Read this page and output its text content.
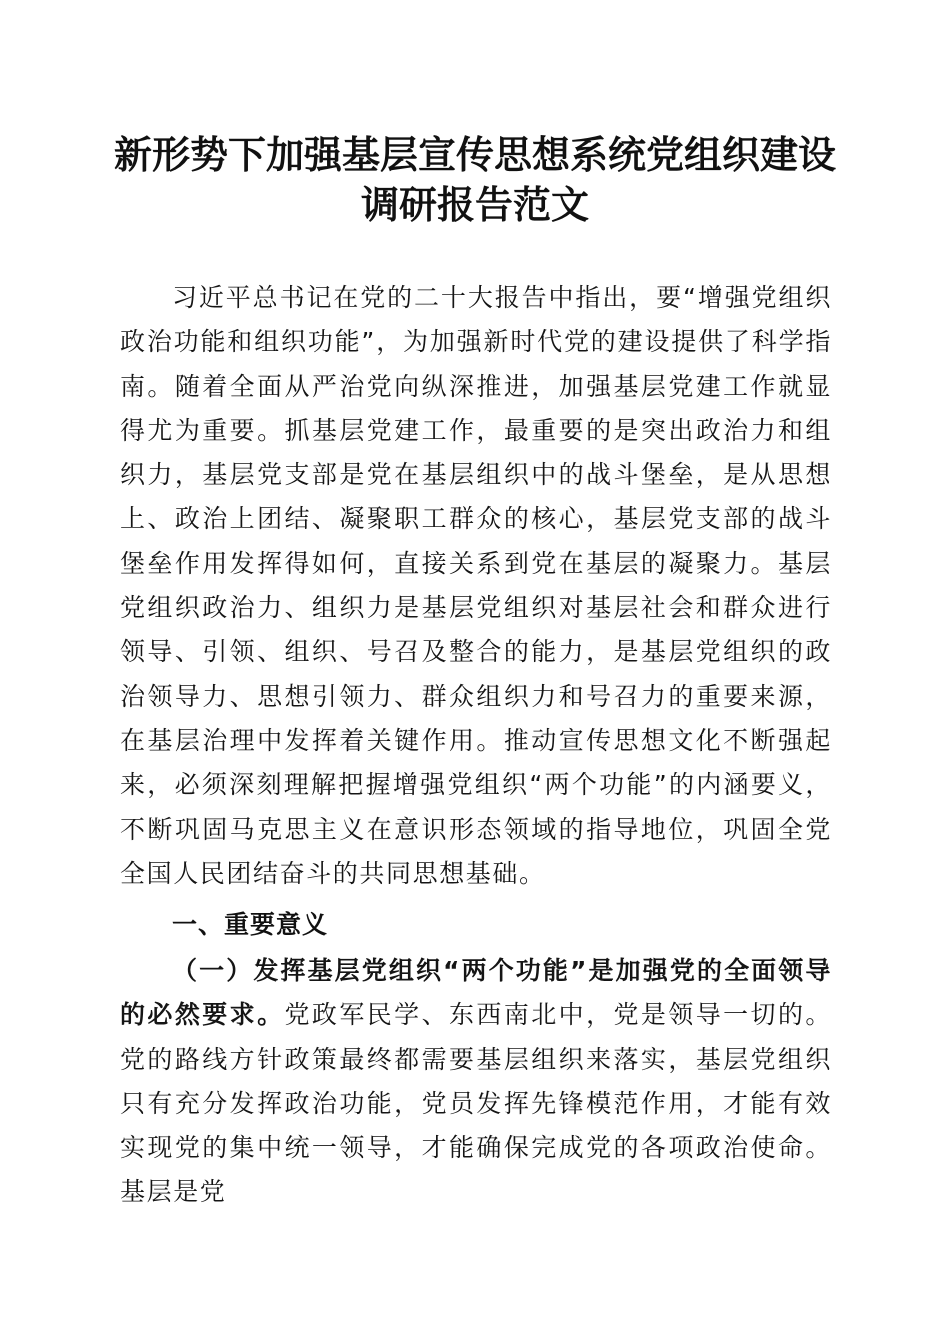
新形势下加强基层宣传思想系统党组织建设调研报告范文

习近平总书记在党的二十大报告中指出，要“增强党组织政治功能和组织功能”，为加强新时代党的建设提供了科学指南。随着全面从严治党向纵深推进，加强基层党建工作就显得尤为重要。抓基层党建工作，最重要的是突出政治力和组织力，基层党支部是党在基层组织中的战斗堡垒，是从思想上、政治上团结、凝聚职工群众的核心，基层党支部的战斗堡垒作用发挥得如何，直接关系到党在基层的凝聚力。基层党组织政治力、组织力是基层党组织对基层社会和群众进行领导、引领、组织、号召及整合的能力，是基层党组织的政治领导力、思想引领力、群众组织力和号召力的重要来源，在基层治理中发挥着关键作用。推动宣传思想文化不断强起来，必须深刻理解把握增强党组织“两个功能”的内涵要义，不断巩固马克思主义在意识形态领域的指导地位，巩固全党全国人民团结奋斗的共同思想基础。

一、重要意义

（一）发挥基层党组织“两个功能”是加强党的全面领导的必然要求。党政军民学、东西南北中，党是领导一切的。党的路线方针政策最终都需要基层组织来落实，基层党组织只有充分发挥政治功能，党员发挥先锋模范作用，才能有效实现党的集中统一领导，才能确保完成党的各项政治使命。基层是党
